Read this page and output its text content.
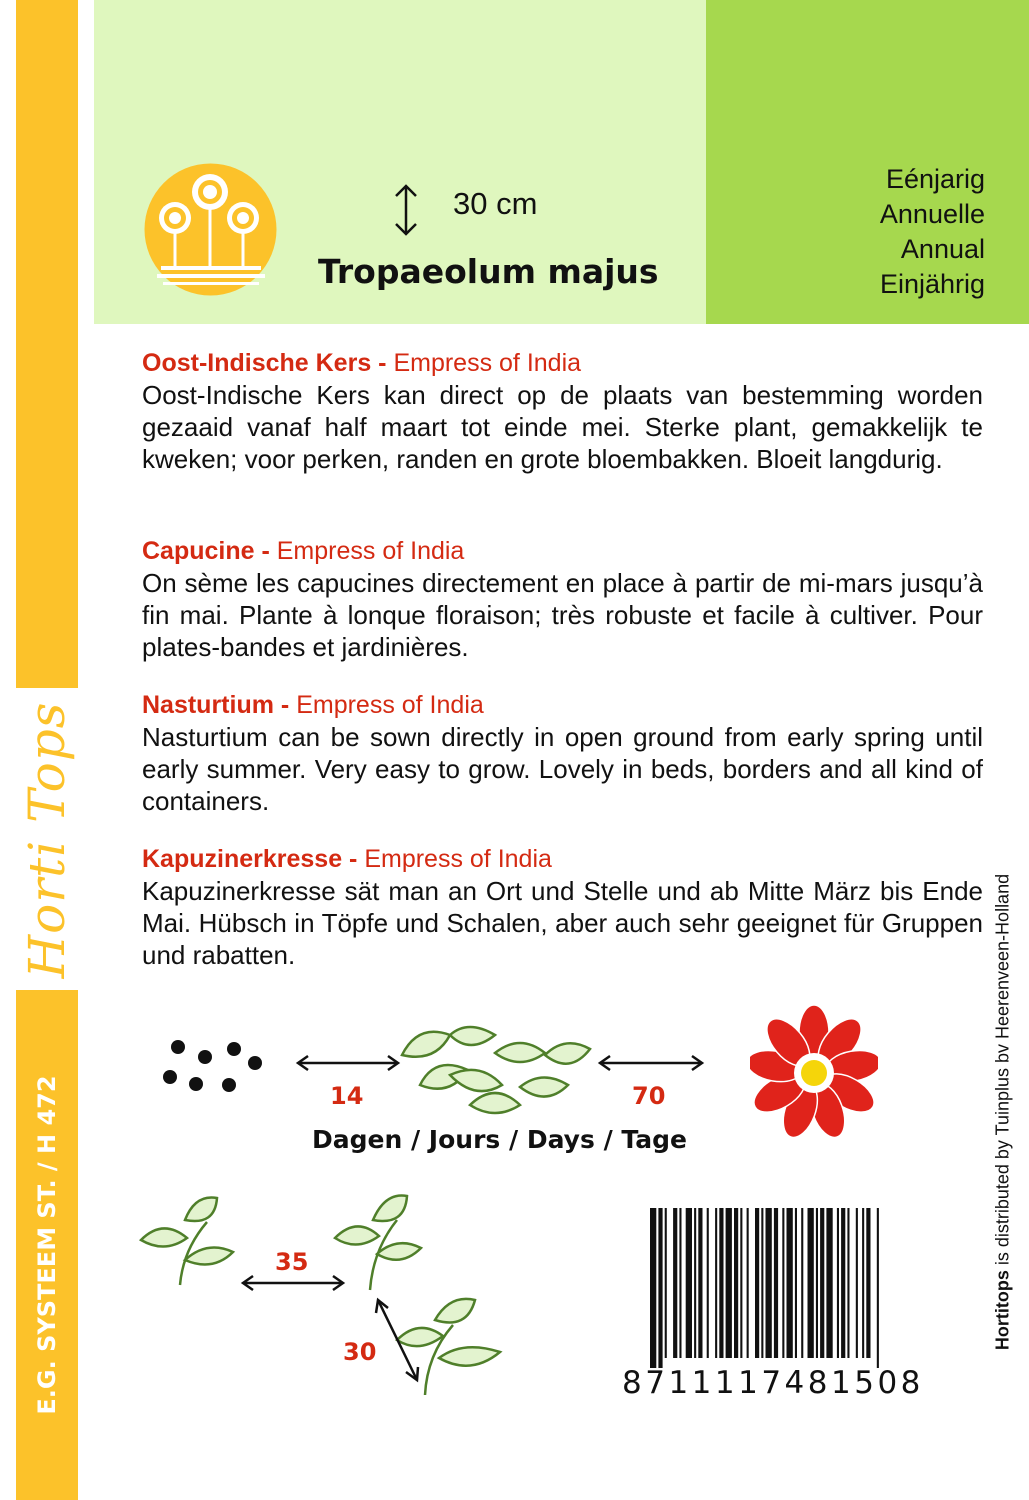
Horti Tops
E.G. SYSTEEM ST. / H 472
30 cm
Tropaeolum majus
Eénjarig
Annuelle
Annual
Einjährig
Oost-Indische Kers - Empress of India
Oost-Indische Kers kan direct op de plaats van bestemming worden gezaaid vanaf half maart tot einde mei. Sterke plant, gemakkelijk te kweken; voor perken, randen en grote bloembakken. Bloeit langdurig.
Capucine - Empress of India
On sème les capucines directement en place à partir de mi-mars jusqu’à fin mai. Plante à lonque floraison; très robuste et facile à cultiver. Pour plates-bandes et jardinières.
Nasturtium - Empress of India
Nasturtium can be sown directly in open ground from early spring until early summer. Very easy to grow. Lovely in beds, borders and all kind of containers.
Kapuzinerkresse - Empress of India
Kapuzinerkresse sät man an Ort und Stelle und ab Mitte März bis Ende Mai. Hübsch in Töpfe und Schalen, aber auch sehr geeignet für Gruppen und rabatten.
Hortitops is distributed by Tuinplus bv Heerenveen-Holland
14	70
Dagen / Jours / Days / Tage
35
30
8711117481508
